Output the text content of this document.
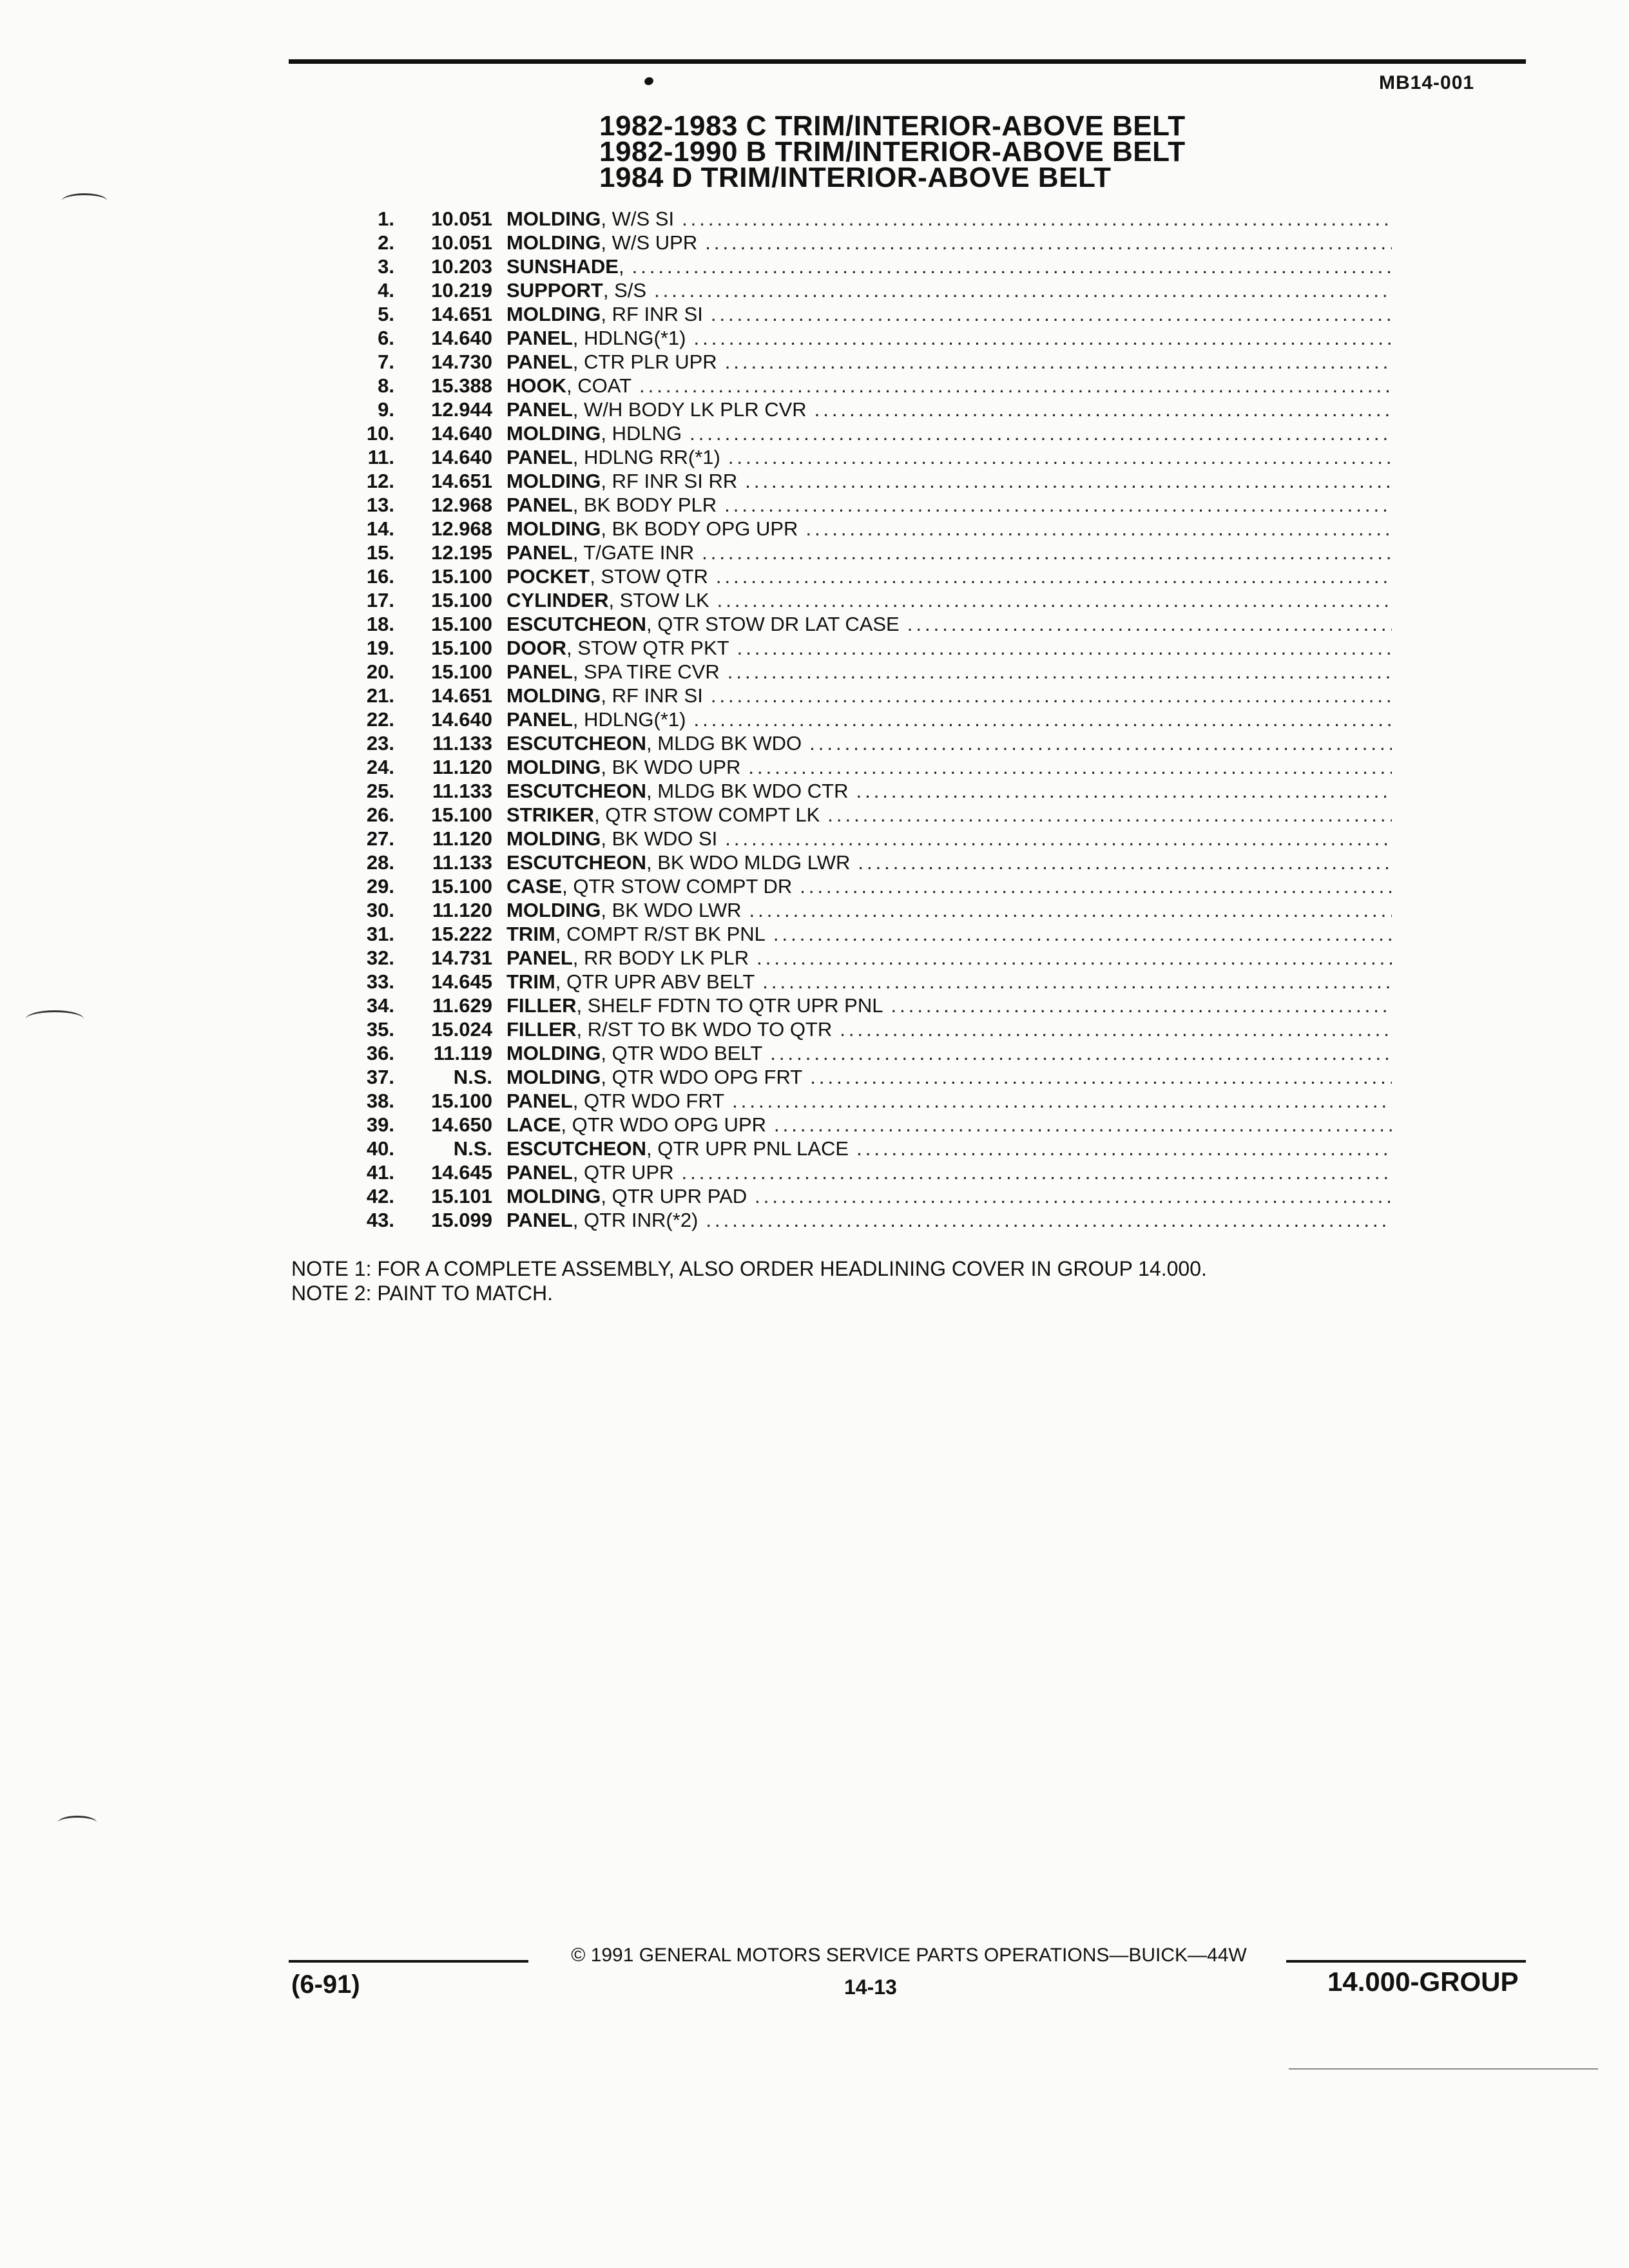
MB14-001
1982-1983 C TRIM/INTERIOR-ABOVE BELT
1982-1990 B TRIM/INTERIOR-ABOVE BELT
1984 D TRIM/INTERIOR-ABOVE BELT
1.	10.051 MOLDING , W/S SI
.....
2.	10.051 MOLDING , W/S UPR
.....
3.	10.203 SUNSHADE ,
.....
4.	10.219 SUPPORT , S/S
.....
5.	14.651 MOLDING , RF INR SI
.....
6.	14.640 PANEL , HDLNG(*1)
.....
7.	14.730 PANEL , CTR PLR UPR
.....
8.	15.388 HOOK , COAT
.....
9.	12.944 PANEL , W/H BODY LK PLR CVR
.....
10.	14.640 MOLDING , HDLNG
.....
11.	14.640 PANEL , HDLNG RR(*1)
.....
12.	14.651 MOLDING , RF INR SI RR
.....
13.	12.968 PANEL , BK BODY PLR
.....
14.	12.968 MOLDING , BK BODY OPG UPR
.....
15.	12.195 PANEL , T/GATE INR
.....
16.	15.100 POCKET , STOW QTR
.....
17.	15.100 CYLINDER , STOW LK
.....
18.	15.100 ESCUTCHEON , QTR STOW DR LAT CASE
.....
19.	15.100 DOOR , STOW QTR PKT
.....
20.	15.100 PANEL , SPA TIRE CVR
.....
21.	14.651 MOLDING , RF INR SI
.....
22.	14.640 PANEL , HDLNG(*1)
.....
23.	11.133 ESCUTCHEON , MLDG BK WDO
.....
24.	11.120 MOLDING , BK WDO UPR
.....
25.	11.133 ESCUTCHEON , MLDG BK WDO CTR
.....
26.	15.100 STRIKER , QTR STOW COMPT LK
.....
27.	11.120 MOLDING , BK WDO SI
.....
28.	11.133 ESCUTCHEON , BK WDO MLDG LWR
.....
29.	15.100 CASE , QTR STOW COMPT DR
.....
30.	11.120 MOLDING , BK WDO LWR
.....
31.	15.222 TRIM , COMPT R/ST BK PNL
.....
32.	14.731 PANEL , RR BODY LK PLR
.....
33.	14.645 TRIM , QTR UPR ABV BELT
.....
34.	11.629 FILLER , SHELF FDTN TO QTR UPR PNL
.....
35.	15.024 FILLER , R/ST TO BK WDO TO QTR
.....
36.	11.119 MOLDING , QTR WDO BELT
.....
37.	N.S. MOLDING , QTR WDO OPG FRT
.....
38.	15.100 PANEL , QTR WDO FRT
.....
39.	14.650 LACE , QTR WDO OPG UPR
.....
40.	N.S. ESCUTCHEON , QTR UPR PNL LACE
.....
41.	14.645 PANEL , QTR UPR
.....
42.	15.101 MOLDING , QTR UPR PAD
.....
43.	15.099 PANEL , QTR INR(*2)
.....
NOTE 1: FOR A COMPLETE ASSEMBLY, ALSO ORDER HEADLINING COVER IN GROUP 14.000.
NOTE 2: PAINT TO MATCH.
© 1991 GENERAL MOTORS SERVICE PARTS OPERATIONS—BUICK—44W
(6-91)	14-13	14.000-GROUP
